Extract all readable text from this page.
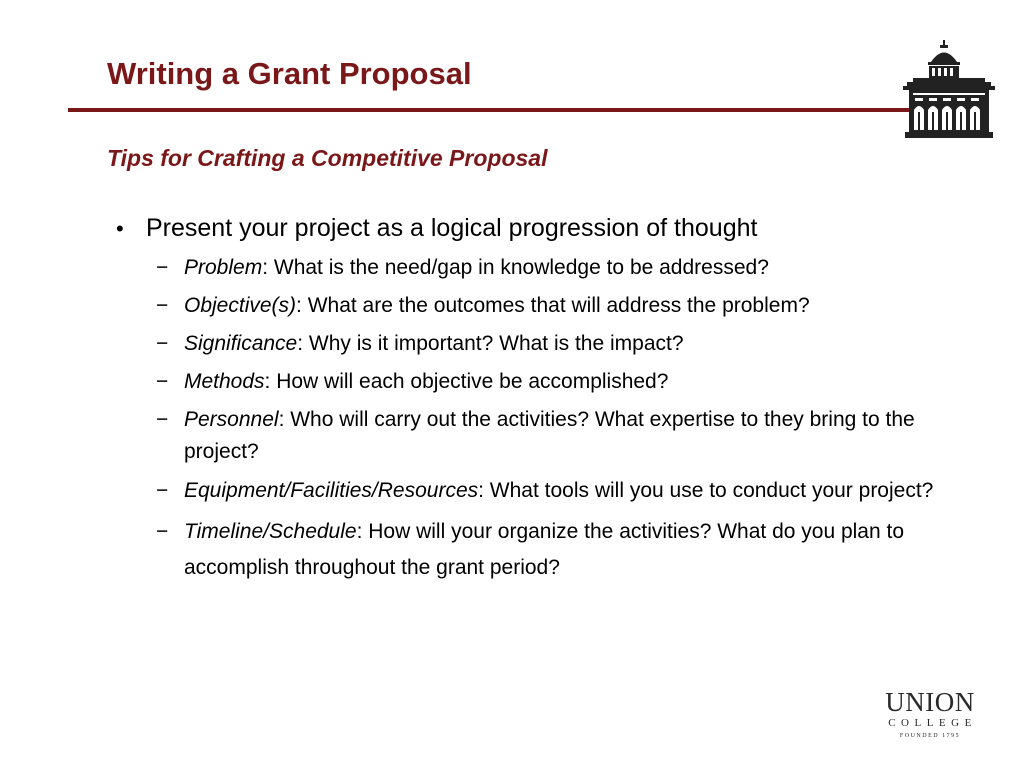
Writing a Grant Proposal
Tips for Crafting a Competitive Proposal
• Present your project as a logical progression of thought
− Problem: What is the need/gap in knowledge to be addressed?
− Objective(s): What are the outcomes that will address the problem?
− Significance: Why is it important? What is the impact?
− Methods: How will each objective be accomplished?
− Personnel: Who will carry out the activities? What expertise to they bring to the project?
− Equipment/Facilities/Resources: What tools will you use to conduct your project?
− Timeline/Schedule: How will your organize the activities? What do you plan to accomplish throughout the grant period?
UNION
COLLEGE
FOUNDED 1795
